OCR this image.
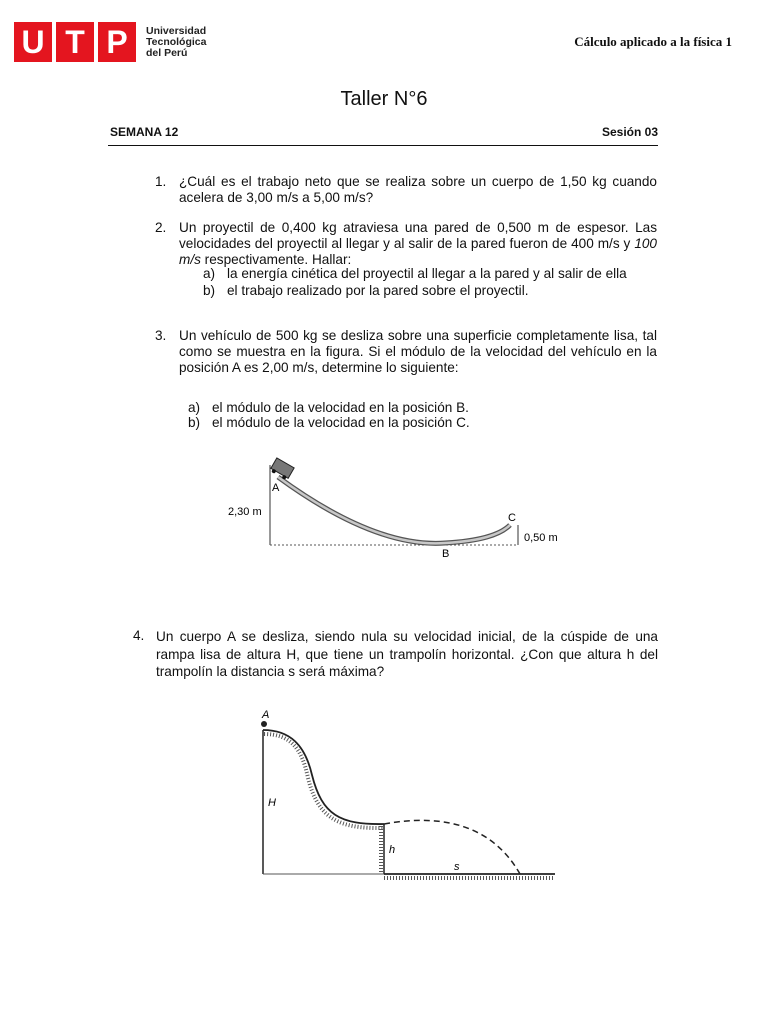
U T P	Universidad
Tecnológica
del Perú
Cálculo aplicado a la física 1
Taller N°6
SEMANA 12	Sesión 03
1. ¿Cuál es el trabajo neto que se realiza sobre un cuerpo de 1,50 kg cuando acelera de 3,00 m/s a 5,00 m/s?
2. Un proyectil de 0,400 kg atraviesa una pared de 0,500 m de espesor. Las velocidades del proyectil al llegar y al salir de la pared fueron de 400 m/s y 100 m/s respectivamente. Hallar:
a) la energía cinética del proyectil al llegar a la pared y al salir de ella
b) el trabajo realizado por la pared sobre el proyectil.
3. Un vehículo de 500 kg se desliza sobre una superficie completamente lisa, tal como se muestra en la figura. Si el módulo de la velocidad del vehículo en la posición A es 2,00 m/s, determine lo siguiente:
a) el módulo de la velocidad en la posición B.
b) el módulo de la velocidad en la posición C.
A
B
C
2,30 m
0,50 m
4. Un cuerpo A se desliza, siendo nula su velocidad inicial, de la cúspide de una rampa lisa de altura H, que tiene un trampolín horizontal. ¿Con que altura h del trampolín la distancia s será máxima?
A
H
h
s
